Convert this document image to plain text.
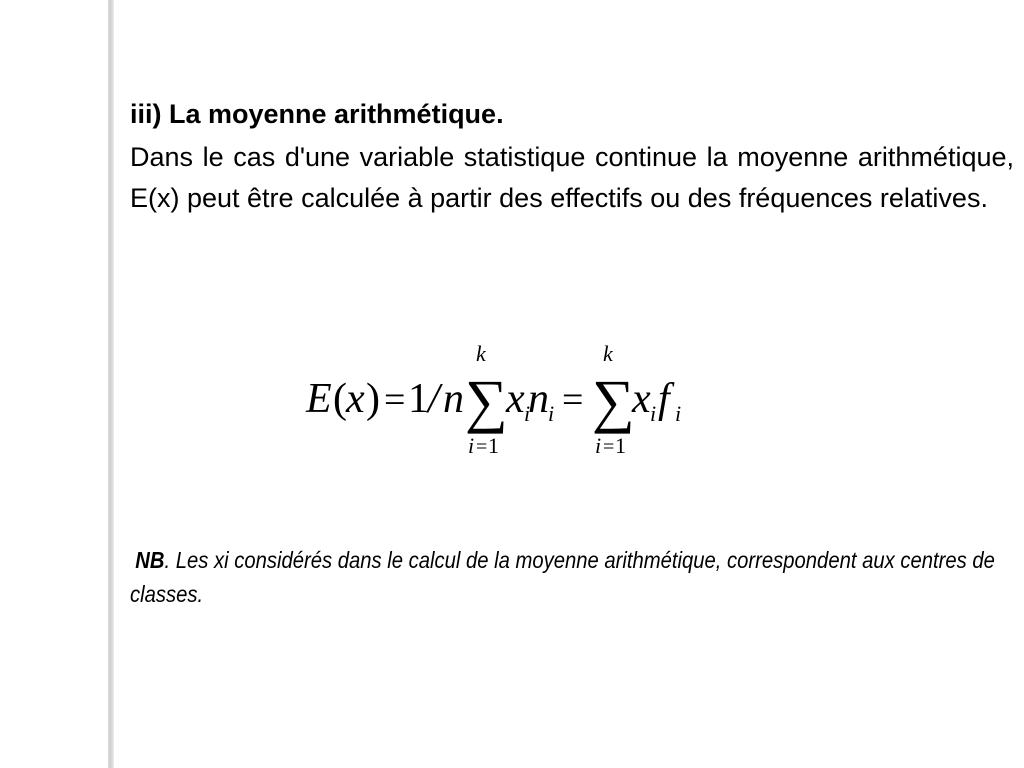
iii) La moyenne arithmétique.
Dans le cas d'une variable statistique continue la moyenne arithmétique, E(x) peut être calculée à partir des effectifs ou des fréquences relatives.
E ( x ) = 1 / n
k
∑
i = 1
x i
n i =
k
∑
i = 1
x i f i
NB. Les xi considérés dans le calcul de la moyenne arithmétique, correspondent aux centres de classes.
